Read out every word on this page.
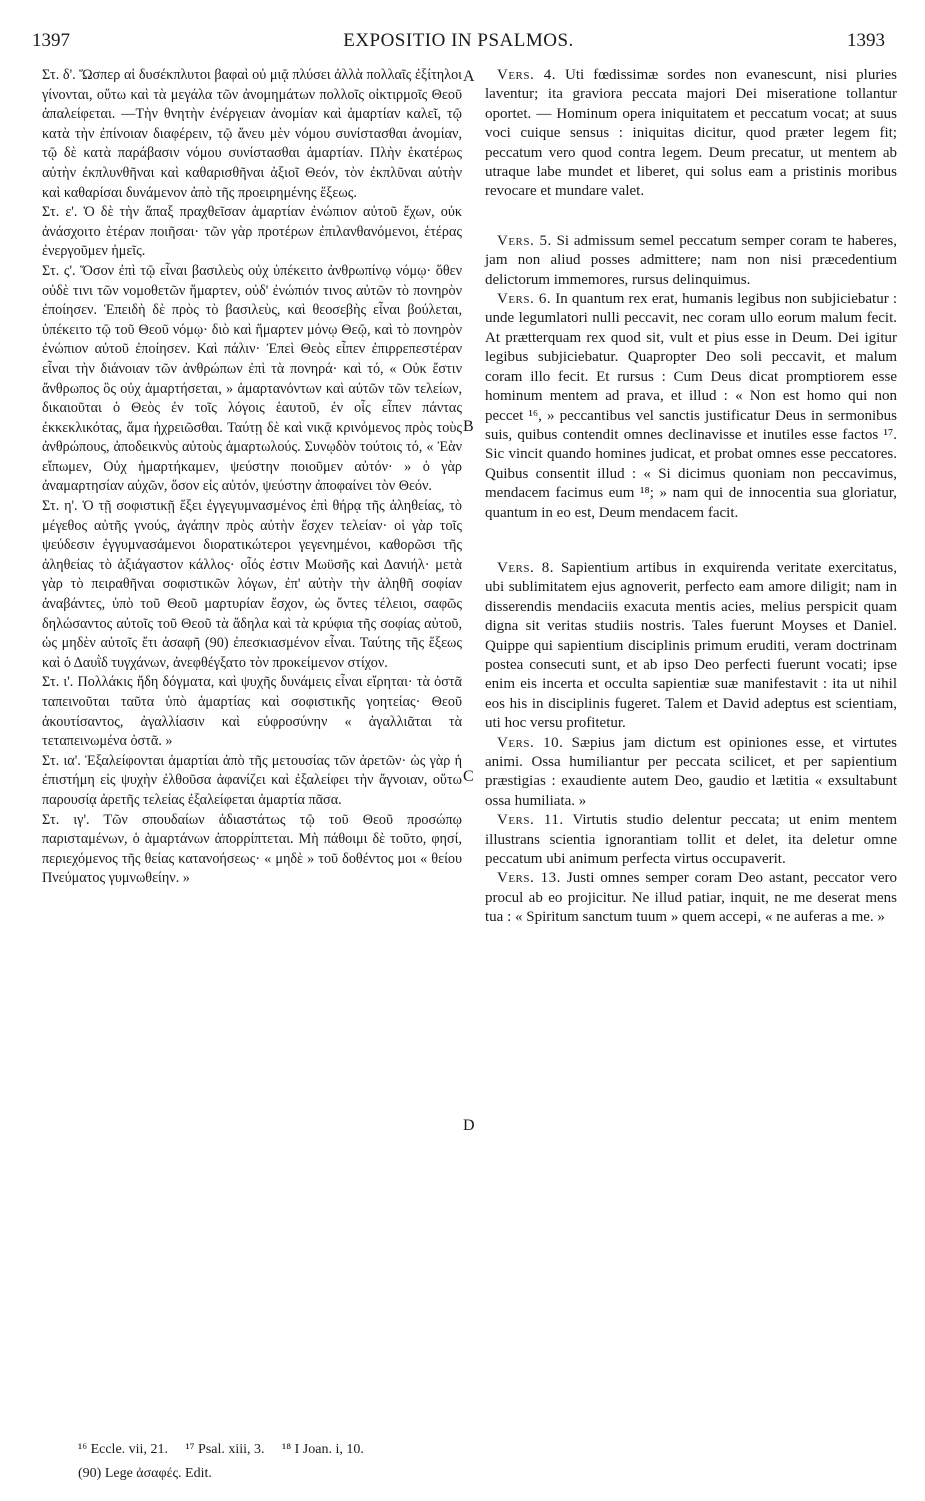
1397	EXPOSITIO IN PSALMOS.	1393

Στ. δ'. Ὥσπερ αἱ δυσέκπλυτοι βαφαὶ οὐ μιᾷ πλύσει ἀλλὰ πολλαῖς ἐξίτηλοι γίνονται, οὕτω καὶ τὰ μεγάλα τῶν ἀνομημάτων πολλοῖς οἰκτιρμοῖς Θεοῦ ἀπαλείφεται. —Τὴν θνητὴν ἐνέργειαν ἀνομίαν καὶ ἁμαρτίαν καλεῖ, τῷ κατὰ τὴν ἐπίνοιαν διαφέρειν, τῷ ἄνευ μὲν νόμου συνίστασθαι ἀνομίαν, τῷ δὲ κατὰ παράβασιν νόμου συνίστασθαι ἁμαρτίαν. Πλὴν ἑκατέρως αὐτὴν ἐκπλυνθῆναι καὶ καθαρισθῆναι ἀξιοῖ Θεόν, τὸν ἐκπλῦναι αὐτὴν καὶ καθαρίσαι δυνάμενον ἀπὸ τῆς προειρημένης ἕξεως.

Στ. ε'. Ὁ δὲ τὴν ἅπαξ πραχθεῖσαν ἁμαρτίαν ἐνώπιον αὐτοῦ ἔχων, οὐκ ἀνάσχοιτο ἑτέραν ποιῆσαι· τῶν γὰρ προτέρων ἐπιλανθανόμενοι, ἑτέρας ἐνεργοῦμεν ἡμεῖς.

Στ. ς'. Ὅσον ἐπὶ τῷ εἶναι βασιλεὺς οὐχ ὑπέκειτο ἀνθρωπίνῳ νόμῳ· ὅθεν οὐδὲ τινι τῶν νομοθετῶν ἥμαρτεν, οὐδ' ἐνώπιόν τινος αὐτῶν τὸ πονηρὸν ἐποίησεν. Ἐπειδὴ δὲ πρὸς τὸ βασιλεὺς, καὶ θεοσεβὴς εἶναι βούλεται, ὑπέκειτο τῷ τοῦ Θεοῦ νόμῳ· διὸ καὶ ἥμαρτεν μόνῳ Θεῷ, καὶ τὸ πονηρὸν ἐνώπιον αὐτοῦ ἐποίησεν. Καὶ πάλιν· Ἐπεὶ Θεὸς εἶπεν ἐπιρρεπεστέραν εἶναι τὴν διάνοιαν τῶν ἀνθρώπων ἐπὶ τὰ πονηρά· καὶ τό, « Οὐκ ἔστιν ἄνθρωπος ὃς οὐχ ἁμαρτήσεται, » ἁμαρτανόντων καὶ αὐτῶν τῶν τελείων, δικαιοῦται ὁ Θεὸς ἐν τοῖς λόγοις ἑαυτοῦ, ἐν οἷς εἶπεν πάντας ἐκκεκλικότας, ἅμα ἠχρειῶσθαι. Ταύτῃ δὲ καὶ νικᾷ κρινόμενος πρὸς τοὺς ἀνθρώπους, ἀποδεικνὺς αὐτοὺς ἁμαρτωλούς. Συνῳδὸν τούτοις τό, « Ἐὰν εἴπωμεν, Οὐχ ἡμαρτήκαμεν, ψεύστην ποιοῦμεν αὐτόν· » ὁ γὰρ ἀναμαρτησίαν αὐχῶν, ὅσον εἰς αὐτόν, ψεύστην ἀποφαίνει τὸν Θεόν.

Στ. η'. Ὁ τῇ σοφιστικῇ ἕξει ἐγγεγυμνασμένος ἐπὶ θήρᾳ τῆς ἀληθείας, τὸ μέγεθος αὐτῆς γνούς, ἀγάπην πρὸς αὐτὴν ἔσχεν τελείαν· οἱ γὰρ τοῖς ψεύδεσιν ἐγγυμνασάμενοι διορατικώτεροι γεγενημένοι, καθορῶσι τῆς ἀληθείας τὸ ἀξιάγαστον κάλλος· οἷός ἐστιν Μωϋσῆς καὶ Δανιήλ· μετὰ γὰρ τὸ πειραθῆναι σοφιστικῶν λόγων, ἐπ' αὐτὴν τὴν ἀληθῆ σοφίαν ἀναβάντες, ὑπὸ τοῦ Θεοῦ μαρτυρίαν ἔσχον, ὡς ὄντες τέλειοι, σαφῶς δηλώσαντος αὐτοῖς τοῦ Θεοῦ τὰ ἄδηλα καὶ τὰ κρύφια τῆς σοφίας αὐτοῦ, ὡς μηδὲν αὐτοῖς ἔτι ἀσαφῆ (90) ἐπεσκιασμένον εἶναι. Ταύτης τῆς ἕξεως καὶ ὁ Δαυῒδ τυγχάνων, ἀνεφθέγξατο τὸν προκείμενον στίχον.

Στ. ι'. Πολλάκις ἤδη δόγματα, καὶ ψυχῆς δυνάμεις εἶναι εἴρηται· τὰ ὀστᾶ ταπεινοῦται ταῦτα ὑπὸ ἁμαρτίας καὶ σοφιστικῆς γοητείας· Θεοῦ ἀκουτίσαντος, ἀγαλλίασιν καὶ εὐφροσύνην « ἀγαλλιᾶται τὰ τεταπεινωμένα ὀστᾶ. »

Στ. ια'. Ἐξαλείφονται ἁμαρτίαι ἀπὸ τῆς μετουσίας τῶν ἀρετῶν· ὡς γὰρ ἡ ἐπιστήμη εἰς ψυχὴν ἐλθοῦσα ἀφανίζει καὶ ἐξαλείφει τὴν ἄγνοιαν, οὕτω παρουσίᾳ ἀρετῆς τελείας ἐξαλείφεται ἁμαρτία πᾶσα.

Στ. ιγ'. Τῶν σπουδαίων ἀδιαστάτως τῷ τοῦ Θεοῦ προσώπῳ παρισταμένων, ὁ ἁμαρτάνων ἀπορρίπτεται. Μὴ πάθοιμι δὲ τοῦτο, φησί, περιεχόμενος τῆς θείας κατανοήσεως· « μηδὲ » τοῦ δοθέντος μοι « θείου Πνεύματος γυμνωθείην. »

A
B
C
D

Vers. 4. Uti fœdissimæ sordes non evanescunt, nisi pluries laventur; ita graviora peccata majori Dei miseratione tollantur oportet. — Hominum opera iniquitatem et peccatum vocat; at suus voci cuique sensus : iniquitas dicitur, quod præter legem fit; peccatum vero quod contra legem. Deum precatur, ut mentem ab utraque labe mundet et liberet, qui solus eam a pristinis moribus revocare et mundare valet.

Vers. 5. Si admissum semel peccatum semper coram te haberes, jam non aliud posses admittere; nam non nisi præcedentium delictorum immemores, rursus delinquimus.

Vers. 6. In quantum rex erat, humanis legibus non subjiciebatur : unde legumlatori nulli peccavit, nec coram ullo eorum malum fecit. At prætterquam rex quod sit, vult et pius esse in Deum. Dei igitur legibus subjiciebatur. Quapropter Deo soli peccavit, et malum coram illo fecit. Et rursus : Cum Deus dicat promptiorem esse hominum mentem ad prava, et illud : « Non est homo qui non peccet ¹⁶, » peccantibus vel sanctis justificatur Deus in sermonibus suis, quibus contendit omnes declinavisse et inutiles esse factos ¹⁷. Sic vincit quando homines judicat, et probat omnes esse peccatores. Quibus consentit illud : « Si dicimus quoniam non peccavimus, mendacem facimus eum ¹⁸; » nam qui de innocentia sua gloriatur, quantum in eo est, Deum mendacem facit.

Vers. 8. Sapientium artibus in exquirenda veritate exercitatus, ubi sublimitatem ejus agnoverit, perfecto eam amore diligit; nam in disserendis mendaciis exacuta mentis acies, melius perspicit quam digna sit veritas studiis nostris. Tales fuerunt Moyses et Daniel. Quippe qui sapientium disciplinis primum eruditi, veram doctrinam postea consecuti sunt, et ab ipso Deo perfecti fuerunt vocati; ipse enim eis incerta et occulta sapientiæ suæ manifestavit : ita ut nihil eos his in disciplinis fugeret. Talem et David adeptus est scientiam, uti hoc versu profitetur.

Vers. 10. Sæpius jam dictum est opiniones esse, et virtutes animi. Ossa humiliantur per peccata scilicet, et per sapientium præstigias : exaudiente autem Deo, gaudio et lætitia « exsultabunt ossa humiliata. »

Vers. 11. Virtutis studio delentur peccata; ut enim mentem illustrans scientia ignorantiam tollit et delet, ita deletur omne peccatum ubi animum perfecta virtus occupaverit.

Vers. 13. Justi omnes semper coram Deo astant, peccator vero procul ab eo projicitur. Ne illud patiar, inquit, ne me deserat mens tua : « Spiritum sanctum tuum » quem accepi, « ne auferas a me. »

¹⁶ Eccle. vii, 21. ¹⁷ Psal. xiii, 3. ¹⁸ I Joan. i, 10.
(90) Lege ἀσαφές. Edit.
